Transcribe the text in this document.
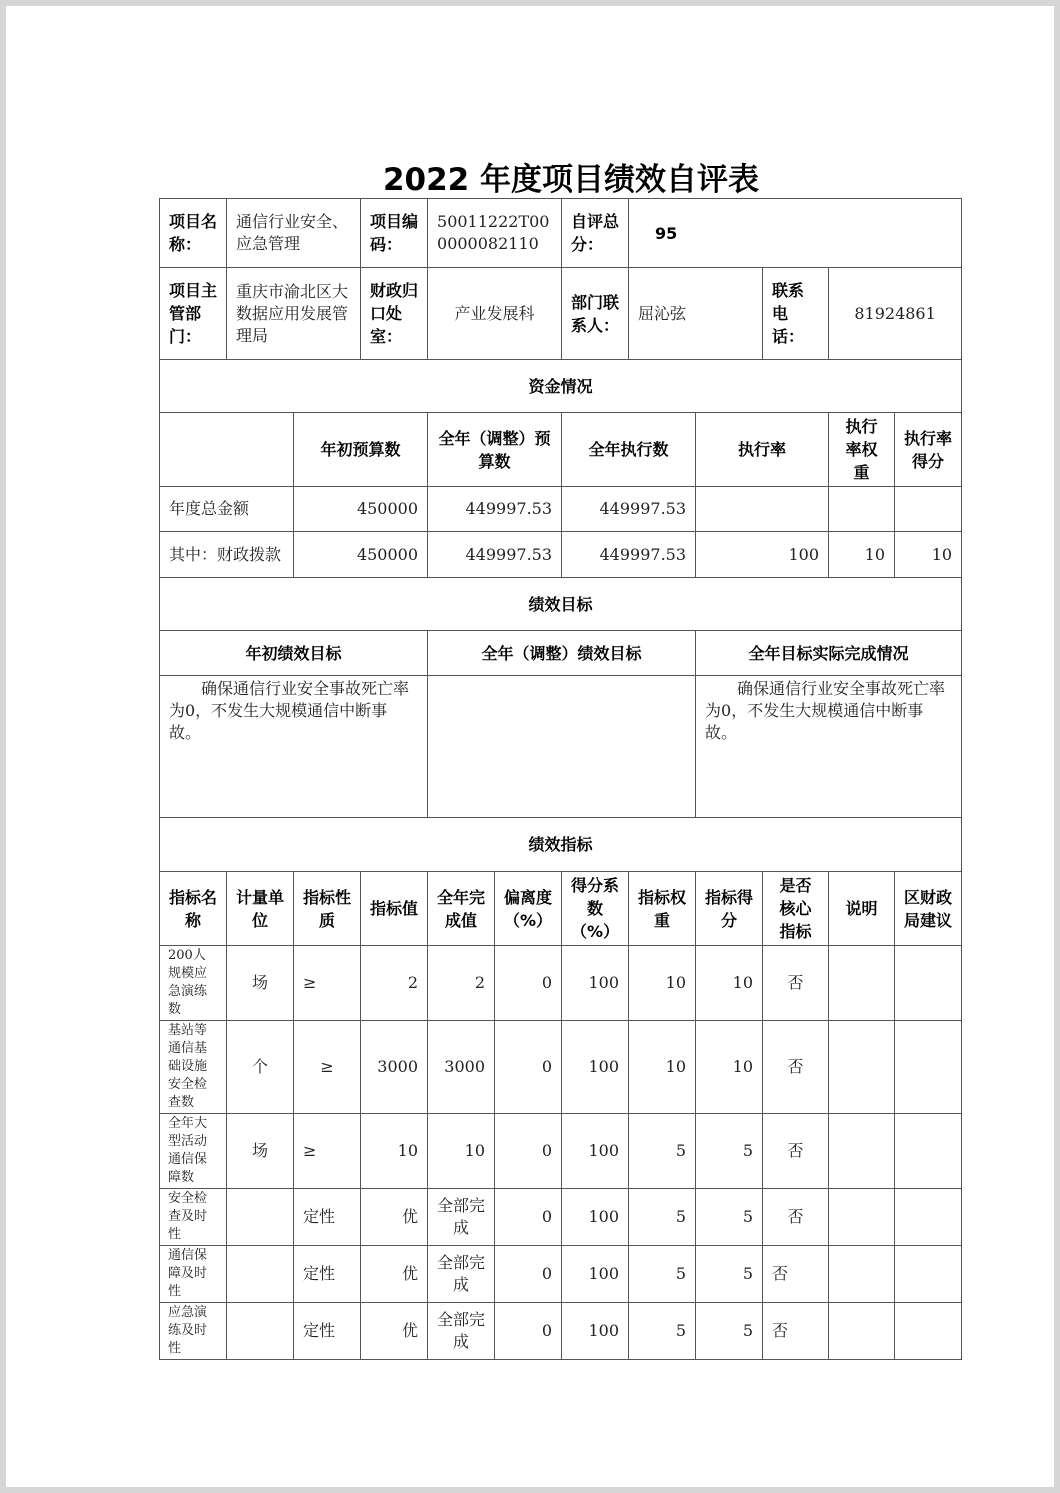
2022 年度项目绩效自评表
项目名称：	通信行业安全、应急管理		项目编码：	50011222T000000082110		自评总分：	95				
项目主管部门：	重庆市渝北区大数据应用发展管理局		财政归口处室：	产业发展科		部门联系人：	屈沁弦		联系电话：	81924861	
资金情况											
		年初预算数		全年（调整）预算数		全年执行数		执行率		执行率权重	执行率得分
年度总金额		450000		449997.53		449997.53					
其中：财政拨款		450000		449997.53		449997.53		100		10	10
绩效目标											
年初绩效目标				全年（调整）绩效目标				全年目标实际完成情况			
确保通信行业安全事故死亡率为0，不发生大规模通信中断事故。								确保通信行业安全事故死亡率为0，不发生大规模通信中断事故。			
绩效指标											
指标名称	计量单位	指标性质	指标值	全年完成值	偏离度（%）	得分系数（%）	指标权重	指标得分	是否核心指标	说明	区财政局建议
200人规模应急演练数	场	≥	2	2	0	100	10	10	否		
基站等通信基础设施安全检查数	个	≥	3000	3000	0	100	10	10	否		
全年大型活动通信保障数	场	≥	10	10	0	100	5	5	否		
安全检查及时性		定性	优	全部完成	0	100	5	5	否		
通信保障及时性		定性	优	全部完成	0	100	5	5	否		
应急演练及时性		定性	优	全部完成	0	100	5	5	否		
